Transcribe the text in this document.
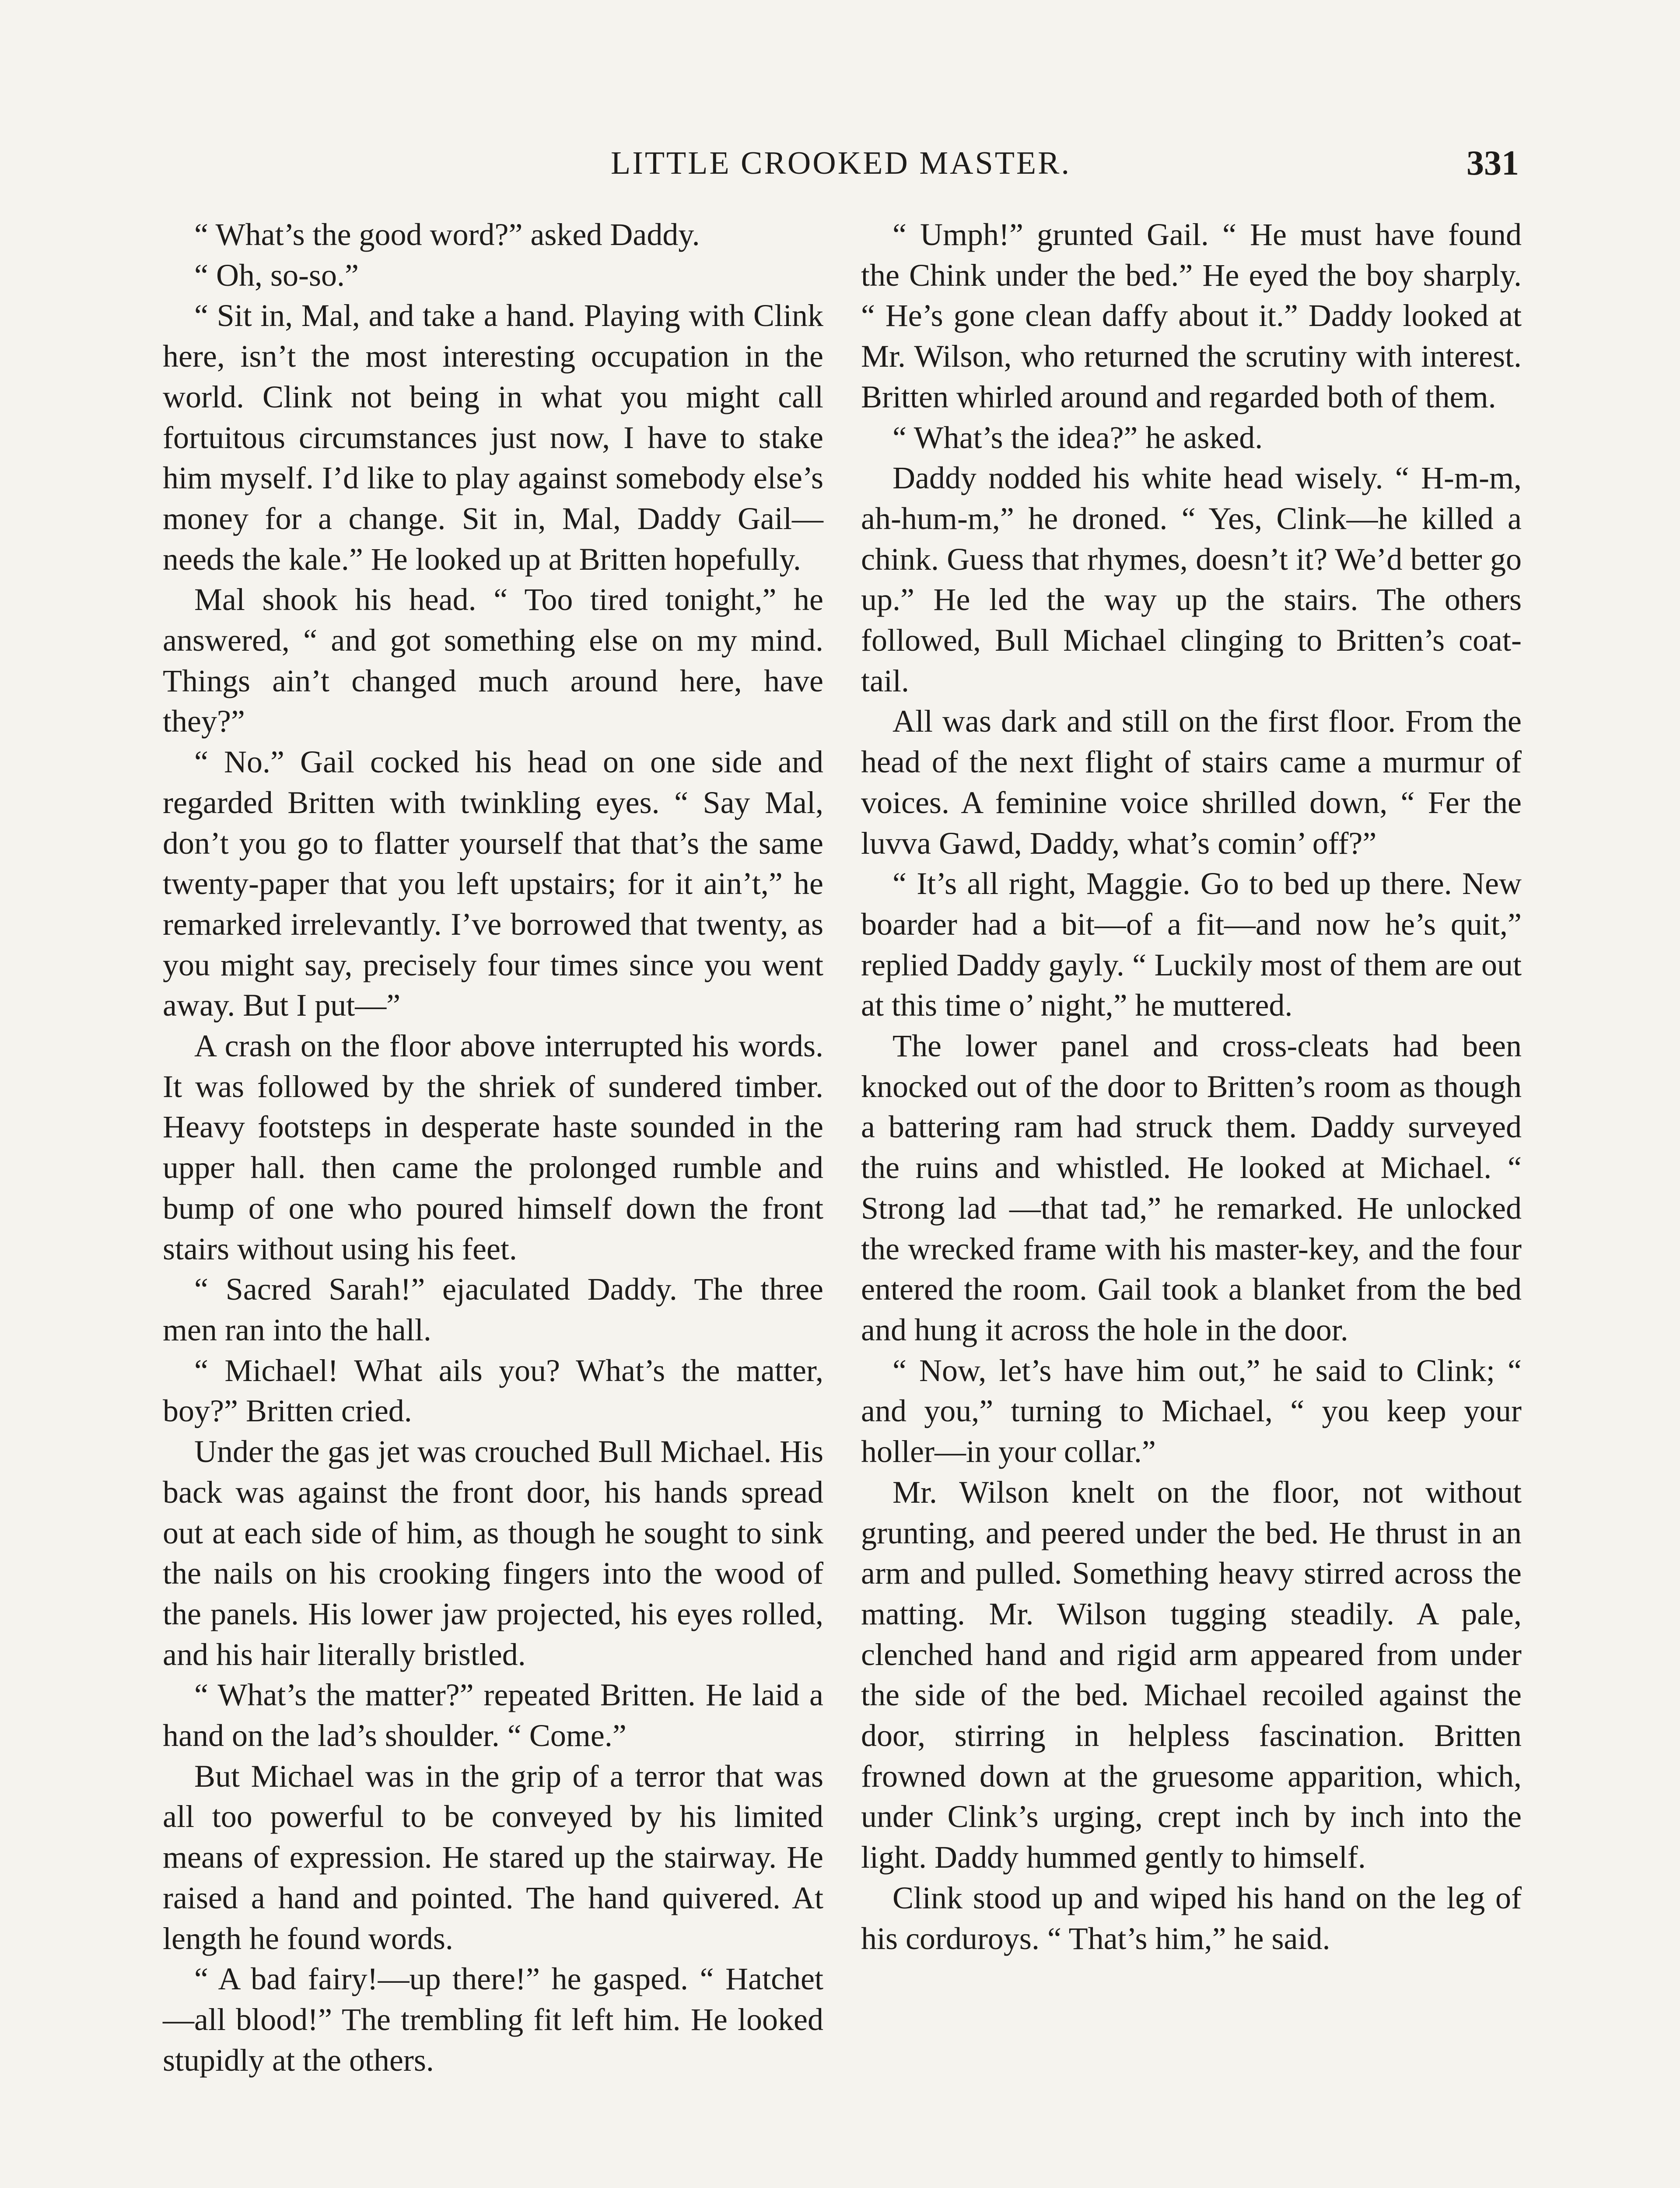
LITTLE CROOKED MASTER.	331

“ What’s the good word?” asked Daddy.

“ Oh, so-so.”

“ Sit in, Mal, and take a hand. Playing with Clink here, isn’t the most interesting occupation in the world. Clink not being in what you might call fortuitous circumstances just now, I have to stake him myself. I’d like to play against somebody else’s money for a change. Sit in, Mal, Daddy Gail—needs the kale.” He looked up at Britten hopefully.

Mal shook his head. “ Too tired tonight,” he answered, “ and got something else on my mind. Things ain’t changed much around here, have they?”

“ No.” Gail cocked his head on one side and regarded Britten with twinkling eyes. “ Say Mal, don’t you go to flatter yourself that that’s the same twenty-paper that you left upstairs; for it ain’t,” he remarked irrelevantly. I’ve borrowed that twenty, as you might say, precisely four times since you went away. But I put—”

A crash on the floor above interrupted his words. It was followed by the shriek of sundered timber. Heavy footsteps in desperate haste sounded in the upper hall. then came the prolonged rumble and bump of one who poured himself down the front stairs without using his feet.

“ Sacred Sarah!” ejaculated Daddy. The three men ran into the hall.

“ Michael! What ails you? What’s the matter, boy?” Britten cried.

Under the gas jet was crouched Bull Michael. His back was against the front door, his hands spread out at each side of him, as though he sought to sink the nails on his crooking fingers into the wood of the panels. His lower jaw projected, his eyes rolled, and his hair literally bristled.

“ What’s the matter?” repeated Britten. He laid a hand on the lad’s shoulder. “ Come.”

But Michael was in the grip of a terror that was all too powerful to be conveyed by his limited means of expression. He stared up the stairway. He raised a hand and pointed. The hand quivered. At length he found words.

“ A bad fairy!—up there!” he gasped. “ Hatchet—all blood!” The trembling fit left him. He looked stupidly at the others.

“ Umph!” grunted Gail. “ He must have found the Chink under the bed.” He eyed the boy sharply. “ He’s gone clean daffy about it.” Daddy looked at Mr. Wilson, who returned the scrutiny with interest. Britten whirled around and regarded both of them.

“ What’s the idea?” he asked.

Daddy nodded his white head wisely. “ H-m-m, ah-hum-m,” he droned. “ Yes, Clink—he killed a chink. Guess that rhymes, doesn’t it? We’d better go up.” He led the way up the stairs. The others followed, Bull Michael clinging to Britten’s coat-tail.

All was dark and still on the first floor. From the head of the next flight of stairs came a murmur of voices. A feminine voice shrilled down, “ Fer the luvva Gawd, Daddy, what’s comin’ off?”

“ It’s all right, Maggie. Go to bed up there. New boarder had a bit—of a fit—and now he’s quit,” replied Daddy gayly. “ Luckily most of them are out at this time o’ night,” he muttered.

The lower panel and cross-cleats had been knocked out of the door to Britten’s room as though a battering ram had struck them. Daddy surveyed the ruins and whistled. He looked at Michael. “ Strong lad —that tad,” he remarked. He unlocked the wrecked frame with his master-key, and the four entered the room. Gail took a blanket from the bed and hung it across the hole in the door.

“ Now, let’s have him out,” he said to Clink; “ and you,” turning to Michael, “ you keep your holler—in your collar.”

Mr. Wilson knelt on the floor, not without grunting, and peered under the bed. He thrust in an arm and pulled. Something heavy stirred across the matting. Mr. Wilson tugging steadily. A pale, clenched hand and rigid arm appeared from under the side of the bed. Michael recoiled against the door, stirring in helpless fascination. Britten frowned down at the gruesome apparition, which, under Clink’s urging, crept inch by inch into the light. Daddy hummed gently to himself.

Clink stood up and wiped his hand on the leg of his corduroys. “ That’s him,” he said.
